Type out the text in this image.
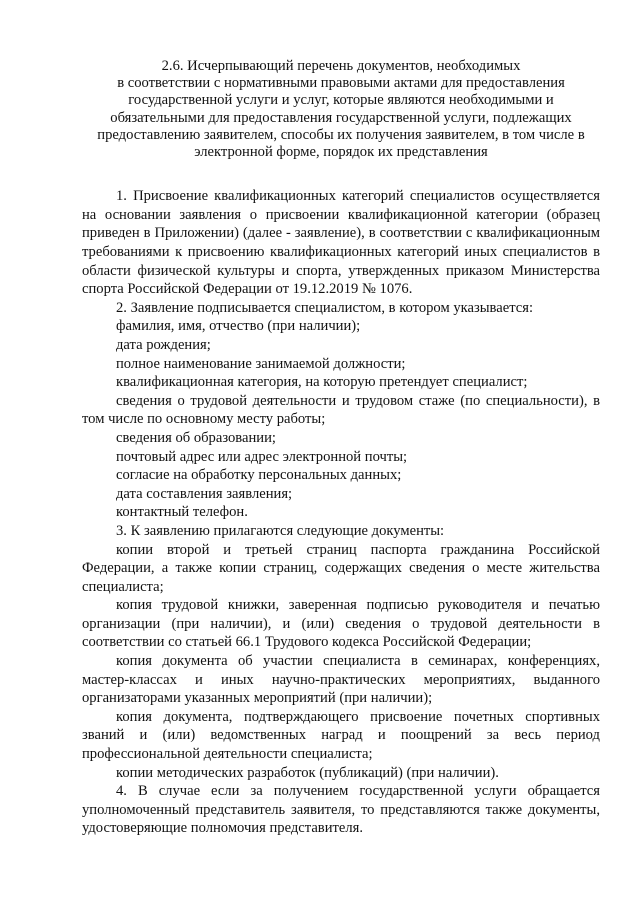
2.6. Исчерпывающий перечень документов, необходимых
в соответствии с нормативными правовыми актами для предоставления
государственной услуги и услуг, которые являются необходимыми и
обязательными для предоставления государственной услуги, подлежащих
предоставлению заявителем, способы их получения заявителем, в том числе в
электронной форме, порядок их представления

1. Присвоение квалификационных категорий специалистов осуществляется на основании заявления о присвоении квалификационной категории (образец приведен в Приложении) (далее - заявление), в соответствии с квалификационным требованиями к присвоению квалификационных категорий иных специалистов в области физической культуры и спорта, утвержденных приказом Министерства спорта Российской Федерации от 19.12.2019 № 1076.

2. Заявление подписывается специалистом, в котором указывается:

фамилия, имя, отчество (при наличии);

дата рождения;

полное наименование занимаемой должности;

квалификационная категория, на которую претендует специалист;

сведения о трудовой деятельности и трудовом стаже (по специальности), в том числе по основному месту работы;

сведения об образовании;

почтовый адрес или адрес электронной почты;

согласие на обработку персональных данных;

дата составления заявления;

контактный телефон.

3. К заявлению прилагаются следующие документы:

копии второй и третьей страниц паспорта гражданина Российской Федерации, а также копии страниц, содержащих сведения о месте жительства специалиста;

копия трудовой книжки, заверенная подписью руководителя и печатью организации (при наличии), и (или) сведения о трудовой деятельности в соответствии со статьей 66.1 Трудового кодекса Российской Федерации;

копия документа об участии специалиста в семинарах, конференциях, мастер-классах и иных научно-практических мероприятиях, выданного организаторами указанных мероприятий (при наличии);

копия документа, подтверждающего присвоение почетных спортивных званий и (или) ведомственных наград и поощрений за весь период профессиональной деятельности специалиста;

копии методических разработок (публикаций) (при наличии).

4. В случае если за получением государственной услуги обращается уполномоченный представитель заявителя, то представляются также документы, удостоверяющие полномочия представителя.
